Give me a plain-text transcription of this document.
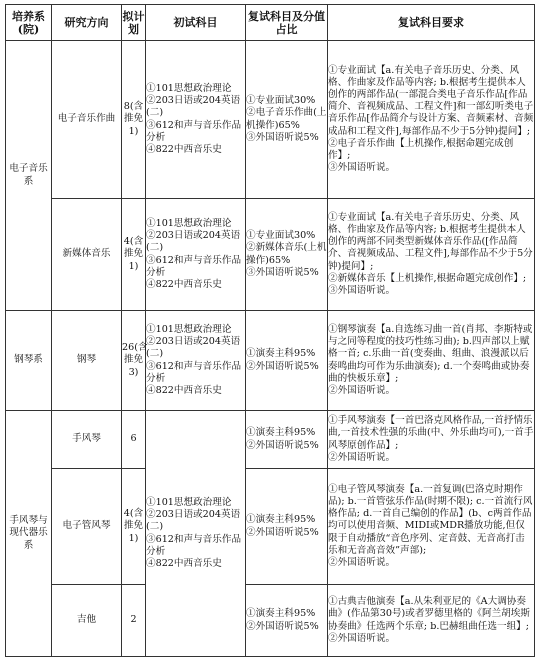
培养系(院)	研究方向	拟计划	初试科目	复试科目及分值占比	复试科目要求
电子音乐系	电子音乐作曲	8(含推免1)	①101思想政治理论
②203日语或204英语(二)
③612和声与音乐作品分析
④822中西音乐史	①专业面试30%
②电子音乐作曲(上机操作)65%
③外国语听说5%	①专业面试【a.有关电子音乐历史、分类、风格、作曲家及作品等内容; b.根据考生提供本人创作的两部作品(一部混合类电子音乐作品[作品简介、音视频成品、工程文件]和一部幻听类电子音乐作品[作品简介与设计方案、音频素材、音频成品和工程文件],每部作品不少于5分钟)提问】;
②电子音乐作曲【上机操作,根据命题完成创作】;
③外国语听说。

	新媒体音乐	4(含推免1)	①101思想政治理论
②203日语或204英语(二)
③612和声与音乐作品分析
④822中西音乐史	①专业面试30%
②新媒体音乐(上机操作)65%
③外国语听说5%	①专业面试【a.有关电子音乐历史、分类、风格、作曲家及作品等内容; b.根据考生提供本人创作的两部不同类型新媒体音乐作品([作品简介、音视频成品、工程文件],每部作品不少于5分钟)提问】;
②新媒体音乐【上机操作,根据命题完成创作】;
③外国语听说。

钢琴系	钢琴	26(含推免3)	①101思想政治理论
②203日语或204英语(二)
③612和声与音乐作品分析
④822中西音乐史	①演奏主科95%
②外国语听说5%	①钢琴演奏【a.自选练习曲一首(肖邦、李斯特或与之同等程度的技巧性练习曲); b.四声部以上赋格一首; c.乐曲一首(变奏曲、组曲、浪漫派以后奏鸣曲均可作为乐曲演奏); d.一个奏鸣曲或协奏曲的快板乐章】;
②外国语听说。

手风琴与现代器乐系	手风琴	6	①101思想政治理论
②203日语或204英语(二)
③612和声与音乐作品分析
④822中西音乐史	①演奏主科95%
②外国语听说5%	①手风琴演奏【一首巴洛克风格作品,一首抒情乐曲,一首技术性强的乐曲(中、外乐曲均可),一首手风琴原创作品】;
②外国语听说。

	电子管风琴	4(含推免1)		①演奏主科95%
②外国语听说5%	①电子管风琴演奏【a.一首复调(巴洛克时期作品); b.一首管弦乐作品(时期不限); c.一首流行风格作品; d.一首自己编创的作品】(b、c两首作品均可以使用音频、MIDI或MDR播放功能,但仅限于自动播放“音色序列、定音鼓、无音高打击乐和无音高音效”声部);
②外国语听说。

	吉他	2		①演奏主科95%
②外国语听说5%	①古典吉他演奏【a.从朱利亚尼的《A大调协奏曲》(作品第30号)或者罗德里格的《阿兰胡埃斯协奏曲》任选两个乐章; b.巴赫组曲任选一组】;
②外国语听说。
